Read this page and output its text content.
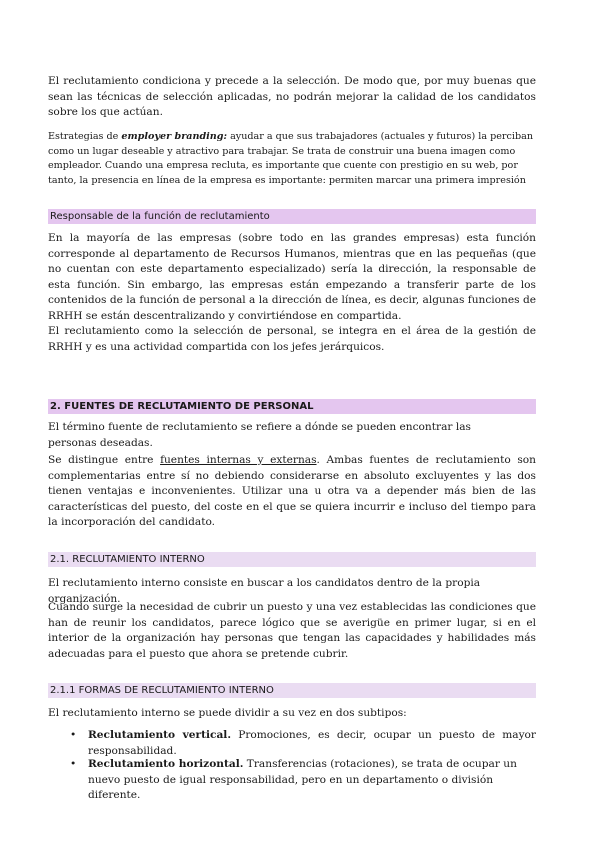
El reclutamiento condiciona y precede a la selección. De modo que, por muy buenas que sean las técnicas de selección aplicadas, no podrán mejorar la calidad de los candidatos sobre los que actúan.

Estrategias de employer branding: ayudar a que sus trabajadores (actuales y futuros) la perciban como un lugar deseable y atractivo para trabajar. Se trata de construir una buena imagen como empleador. Cuando una empresa recluta, es importante que cuente con prestigio en su web, por tanto, la presencia en línea de la empresa es importante: permiten marcar una primera impresión

Responsable de la función de reclutamiento

En la mayoría de las empresas (sobre todo en las grandes empresas) esta función corresponde al departamento de Recursos Humanos, mientras que en las pequeñas (que no cuentan con este departamento especializado) sería la dirección, la responsable de esta función. Sin embargo, las empresas están empezando a transferir parte de los contenidos de la función de personal a la dirección de línea, es decir, algunas funciones de RRHH se están descentralizando y convirtiéndose en compartida.

El reclutamiento como la selección de personal, se integra en el área de la gestión de RRHH y es una actividad compartida con los jefes jerárquicos.

2. FUENTES DE RECLUTAMIENTO DE PERSONAL

El término fuente de reclutamiento se refiere a dónde se pueden encontrar las personas deseadas.

Se distingue entre fuentes internas y externas. Ambas fuentes de reclutamiento son complementarias entre sí no debiendo considerarse en absoluto excluyentes y las dos tienen ventajas e inconvenientes. Utilizar una u otra va a depender más bien de las características del puesto, del coste en el que se quiera incurrir e incluso del tiempo para la incorporación del candidato.

2.1. RECLUTAMIENTO INTERNO

El reclutamiento interno consiste en buscar a los candidatos dentro de la propia organización.

Cuando surge la necesidad de cubrir un puesto y una vez establecidas las condiciones que han de reunir los candidatos, parece lógico que se averigüe en primer lugar, si en el interior de la organización hay personas que tengan las capacidades y habilidades más adecuadas para el puesto que ahora se pretende cubrir.

2.1.1 FORMAS DE RECLUTAMIENTO INTERNO

El reclutamiento interno se puede dividir a su vez en dos subtipos:

• Reclutamiento vertical. Promociones, es decir, ocupar un puesto de mayor responsabilidad.
• Reclutamiento horizontal. Transferencias (rotaciones), se trata de ocupar un nuevo puesto de igual responsabilidad, pero en un departamento o división diferente.
